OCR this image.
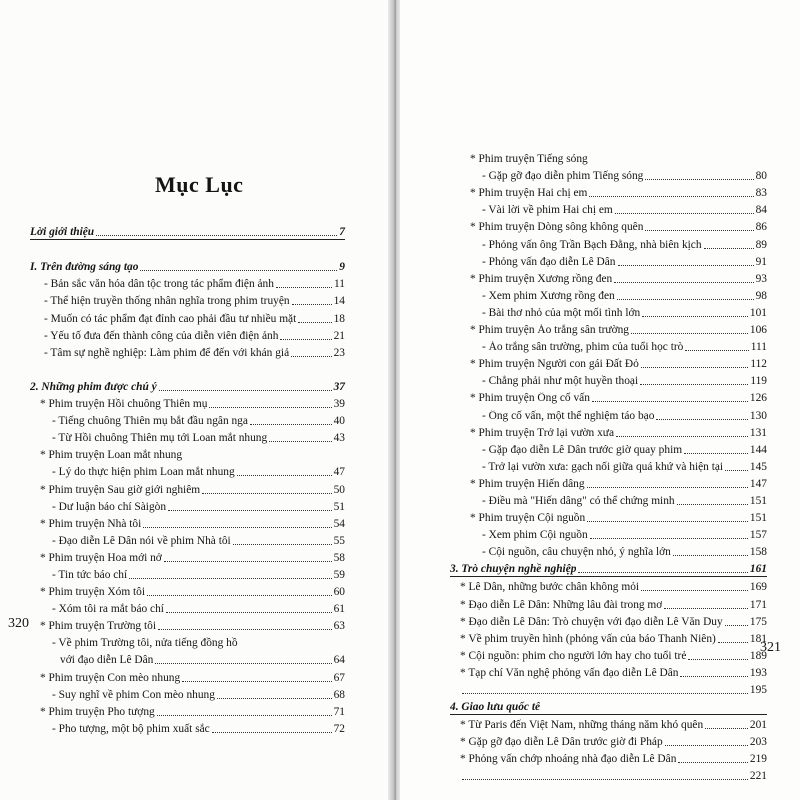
Mục Lục
Lời giới thiệu	7
I. Trên đường sáng tạo	9
- Bản sắc văn hóa dân tộc trong tác phẩm điện ảnh	11
- Thể hiện truyền thống nhân nghĩa trong phim truyện	14
- Muốn có tác phẩm đạt đỉnh cao phải đầu tư nhiều mặt	18
- Yếu tố đưa đến thành công của diễn viên điện ảnh	21
- Tâm sự nghề nghiệp: Làm phim để đến với khán giả	23
2. Những phim được chú ý	37
* Phim truyện Hồi chuông Thiên mụ	39
- Tiếng chuông Thiên mụ bắt đầu ngân nga	40
- Từ Hồi chuông Thiên mụ tới Loan mắt nhung	43
* Phim truyện Loan mắt nhung
- Lý do thực hiện phim Loan mắt nhung	47
* Phim truyện Sau giờ giới nghiêm	50
- Dư luận báo chí Sàigòn	51
* Phim truyện Nhà tôi	54
- Đạo diễn Lê Dân nói về phim Nhà tôi	55
* Phim truyện Hoa mới nở	58
- Tin tức báo chí	59
* Phim truyện Xóm tôi	60
- Xóm tôi ra mắt báo chí	61
* Phim truyện Trường tôi	63
- Về phim Trường tôi, nửa tiếng đồng hồ
với đạo diễn Lê Dân	64
* Phim truyện Con mèo nhung	67
- Suy nghĩ về phim Con mèo nhung	68
* Phim truyện Pho tượng	71
- Pho tượng, một bộ phim xuất sắc	72
320
* Phim truyện Tiếng sóng
- Gặp gỡ đạo diễn phim Tiếng sóng	80
* Phim truyện Hai chị em	83
- Vài lời về phim Hai chị em	84
* Phim truyện Dòng sông không quên	86
- Phỏng vấn ông Trần Bạch Đằng, nhà biên kịch	89
- Phỏng vấn đạo diễn Lê Dân	91
* Phim truyện Xương rồng đen	93
- Xem phim Xương rồng đen	98
- Bài thơ nhỏ của một mối tình lớn	101
* Phim truyện Áo trắng sân trường	106
- Áo trắng sân trường, phim của tuổi học trò	111
* Phim truyện Người con gái Đất Đỏ	112
- Chẳng phải như một huyền thoại	119
* Phim truyện Ông cố vấn	126
- Ông cố vấn, một thể nghiệm táo bạo	130
* Phim truyện Trở lại vườn xưa	131
- Gặp đạo diễn Lê Dân trước giờ quay phim	144
- Trở lại vườn xưa: gạch nối giữa quá khứ và hiện tại 145
* Phim truyện Hiến dâng	147
- Điều mà "Hiến dâng" có thể chứng minh	151
* Phim truyện Cội nguồn	151
- Xem phim Cội nguồn	157
- Cội nguồn, câu chuyện nhỏ, ý nghĩa lớn	158
3. Trò chuyện nghề nghiệp	161
* Lê Dân, những bước chân không mỏi	169
* Đạo diễn Lê Dân: Những lâu đài trong mơ	171
* Đạo diễn Lê Dân: Trò chuyện với đạo diễn Lê Văn Duy 175
* Về phim truyền hình (phỏng vấn của báo Thanh Niên)	181
* Cội nguồn: phim cho người lớn hay cho tuổi trẻ	189
* Tạp chí Văn nghệ phỏng vấn đạo diễn Lê Dân	193
195
4. Giao lưu quốc tế
* Từ Paris đến Việt Nam, những tháng năm khó quên	201
* Gặp gỡ đạo diễn Lê Dân trước giờ đi Pháp	203
* Phỏng vấn chớp nhoáng nhà đạo diễn Lê Dân	219
221
321
